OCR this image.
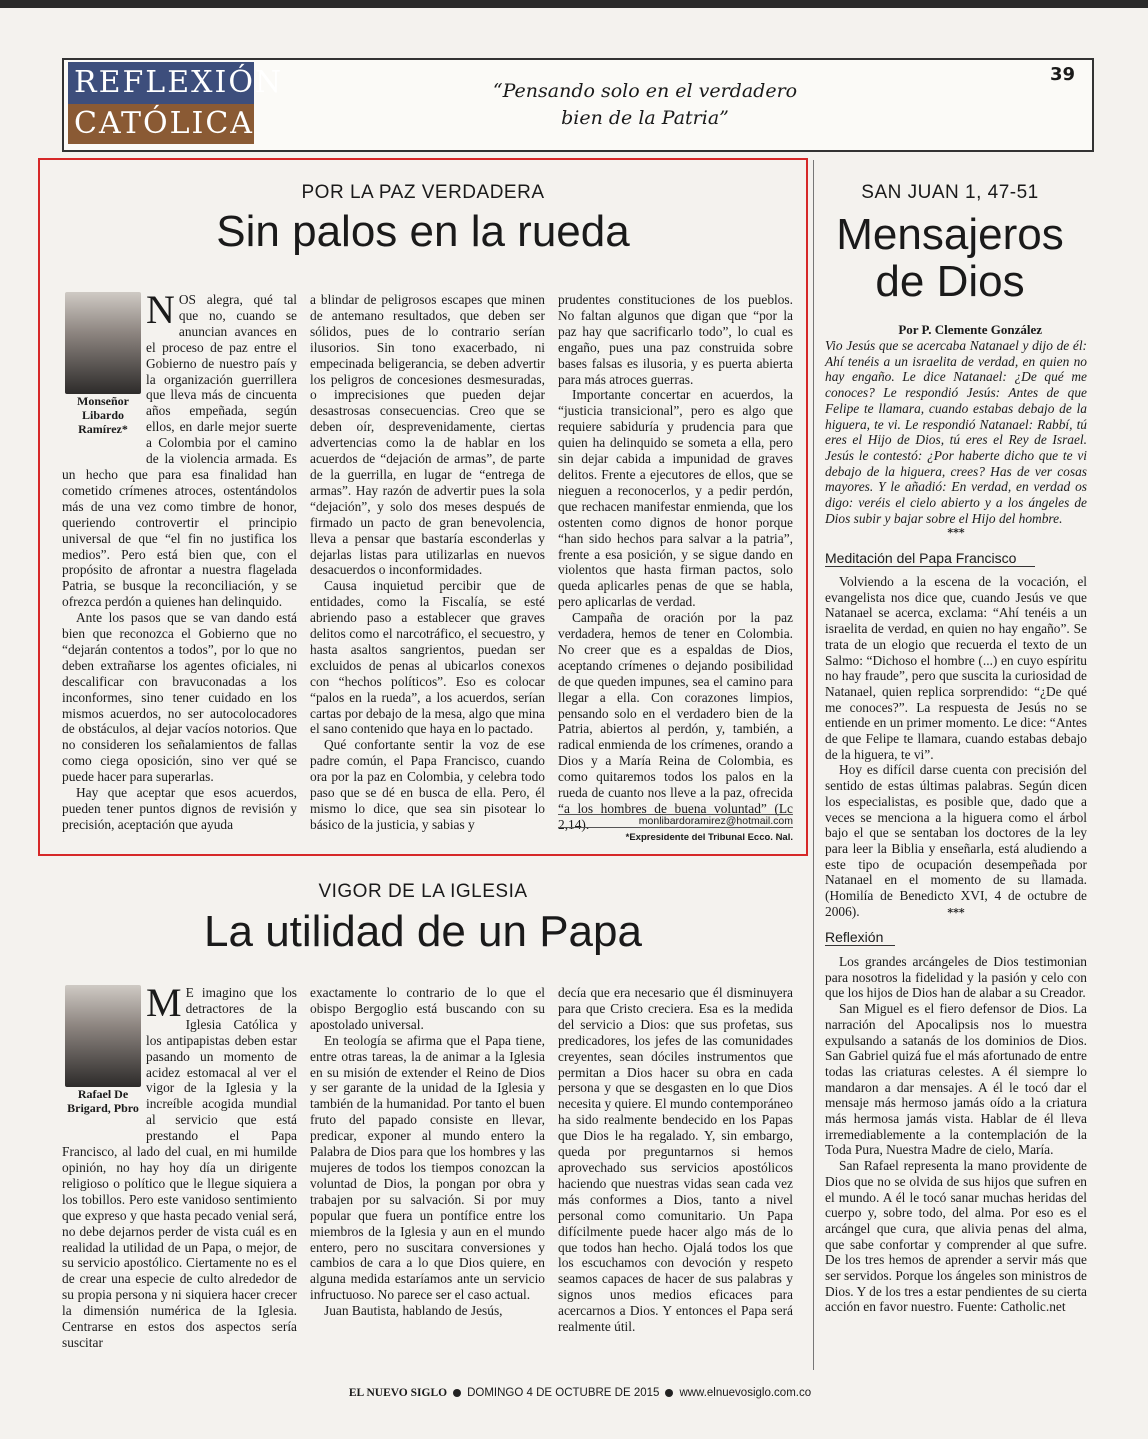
REFLEXIÓN
CATÓLICA
“Pensando solo en el verdadero bien de la Patria”
39
POR LA PAZ VERDADERA
Sin palos en la rueda
Monseñor Libardo Ramírez*
N OS alegra, qué tal que no, cuando se anuncian avances en el proceso de paz entre el Gobierno de nuestro país y la organización guerrillera que lleva más de cincuenta años empeñada, según ellos, en darle mejor suerte a Colombia por el camino de la violencia armada. Es un hecho que para esa finalidad han cometido crímenes atroces, ostentándolos más de una vez como timbre de honor, queriendo controvertir el principio universal de que “el fin no justifica los medios”. Pero está bien que, con el propósito de afrontar a nuestra flagelada Patria, se busque la reconciliación, y se ofrezca perdón a quienes han delinquido.

Ante los pasos que se van dando está bien que reconozca el Gobierno que no “dejarán contentos a todos”, por lo que no deben extrañarse los agentes oficiales, ni descalificar con bravuconadas a los inconformes, sino tener cuidado en los mismos acuerdos, no ser autocolocadores de obstáculos, al dejar vacíos notorios. Que no consideren los señalamientos de fallas como ciega oposición, sino ver qué se puede hacer para superarlas.

Hay que aceptar que esos acuerdos, pueden tener puntos dignos de revisión y precisión, aceptación que ayuda

a blindar de peligrosos escapes que minen de antemano resultados, que deben ser sólidos, pues de lo contrario serían ilusorios. Sin tono exacerbado, ni empecinada beligerancia, se deben advertir los peligros de concesiones desmesuradas, o imprecisiones que pueden dejar desastrosas consecuencias. Creo que se deben oír, desprevenidamente, ciertas advertencias como la de hablar en los acuerdos de “dejación de armas”, de parte de la guerrilla, en lugar de “entrega de armas”. Hay razón de advertir pues la sola “dejación”, y solo dos meses después de firmado un pacto de gran benevolencia, lleva a pensar que bastaría esconderlas y dejarlas listas para utilizarlas en nuevos desacuerdos o inconformidades.

Causa inquietud percibir que de entidades, como la Fiscalía, se esté abriendo paso a establecer que graves delitos como el narcotráfico, el secuestro, y hasta asaltos sangrientos, puedan ser excluidos de penas al ubicarlos conexos con “hechos políticos”. Eso es colocar “palos en la rueda”, a los acuerdos, serían cartas por debajo de la mesa, algo que mina el sano contenido que haya en lo pactado.

Qué confortante sentir la voz de ese padre común, el Papa Francisco, cuando ora por la paz en Colombia, y celebra todo paso que se dé en busca de ella. Pero, él mismo lo dice, que sea sin pisotear lo básico de la justicia, y sabias y

prudentes constituciones de los pueblos. No faltan algunos que digan que “por la paz hay que sacrificarlo todo”, lo cual es engaño, pues una paz construida sobre bases falsas es ilusoria, y es puerta abierta para más atroces guerras.

Importante concertar en acuerdos, la “justicia transicional”, pero es algo que requiere sabiduría y prudencia para que quien ha delinquido se someta a ella, pero sin dejar cabida a impunidad de graves delitos. Frente a ejecutores de ellos, que se nieguen a reconocerlos, y a pedir perdón, que rechacen manifestar enmienda, que los ostenten como dignos de honor porque “han sido hechos para salvar a la patria”, frente a esa posición, y se sigue dando en violentos que hasta firman pactos, solo queda aplicarles penas de que se habla, pero aplicarlas de verdad.

Campaña de oración por la paz verdadera, hemos de tener en Colombia. No creer que es a espaldas de Dios, aceptando crímenes o dejando posibilidad de que queden impunes, sea el camino para llegar a ella. Con corazones limpios, pensando solo en el verdadero bien de la Patria, abiertos al perdón, y, también, a radical enmienda de los crímenes, orando a Dios y a María Reina de Colombia, es como quitaremos todos los palos en la rueda de cuanto nos lleve a la paz, ofrecida “a los hombres de buena voluntad” (Lc 2,14).	monlibardoramirez@hotmail.com
*Expresidente del Tribunal Ecco. Nal.
VIGOR DE LA IGLESIA
La utilidad de un Papa
Rafael De Brigard, Pbro
M E imagino que los detractores de la Iglesia Católica y los antipapistas deben estar pasando un momento de acidez estomacal al ver el vigor de la Iglesia y la increíble acogida mundial al servicio que está prestando el Papa Francisco, al lado del cual, en mi humilde opinión, no hay hoy día un dirigente religioso o político que le llegue siquiera a los tobillos. Pero este vanidoso sentimiento que expreso y que hasta pecado venial será, no debe dejarnos perder de vista cuál es en realidad la utilidad de un Papa, o mejor, de su servicio apostólico. Ciertamente no es el de crear una especie de culto alrededor de su propia persona y ni siquiera hacer crecer la dimensión numérica de la Iglesia. Centrarse en estos dos aspectos sería suscitar

exactamente lo contrario de lo que el obispo Bergoglio está buscando con su apostolado universal.

En teología se afirma que el Papa tiene, entre otras tareas, la de animar a la Iglesia en su misión de extender el Reino de Dios y ser garante de la unidad de la Iglesia y también de la humanidad. Por tanto el buen fruto del papado consiste en llevar, predicar, exponer al mundo entero la Palabra de Dios para que los hombres y las mujeres de todos los tiempos conozcan la voluntad de Dios, la pongan por obra y trabajen por su salvación. Si por muy popular que fuera un pontífice entre los miembros de la Iglesia y aun en el mundo entero, pero no suscitara conversiones y cambios de cara a lo que Dios quiere, en alguna medida estaríamos ante un servicio infructuoso. No parece ser el caso actual.

Juan Bautista, hablando de Jesús,

decía que era necesario que él disminuyera para que Cristo creciera. Esa es la medida del servicio a Dios: que sus profetas, sus predicadores, los jefes de las comunidades creyentes, sean dóciles instrumentos que permitan a Dios hacer su obra en cada persona y que se desgasten en lo que Dios necesita y quiere. El mundo contemporáneo ha sido realmente bendecido en los Papas que Dios le ha regalado. Y, sin embargo, queda por preguntarnos si hemos aprovechado sus servicios apostólicos haciendo que nuestras vidas sean cada vez más conformes a Dios, tanto a nivel personal como comunitario. Un Papa difícilmente puede hacer algo más de lo que todos han hecho. Ojalá todos los que los escuchamos con devoción y respeto seamos capaces de hacer de sus palabras y signos unos medios eficaces para acercarnos a Dios. Y entonces el Papa será realmente útil.

SAN JUAN 1, 47-51
Mensajeros
de Dios
Por P. Clemente González
Vio Jesús que se acercaba Natanael y dijo de él: Ahí tenéis a un israelita de verdad, en quien no hay engaño. Le dice Natanael: ¿De qué me conoces? Le respondió Jesús: Antes de que Felipe te llamara, cuando estabas debajo de la higuera, te vi. Le respondió Natanael: Rabbí, tú eres el Hijo de Dios, tú eres el Rey de Israel. Jesús le contestó: ¿Por haberte dicho que te vi debajo de la higuera, crees? Has de ver cosas mayores. Y le añadió: En verdad, en verdad os digo: veréis el cielo abierto y a los ángeles de Dios subir y bajar sobre el Hijo del hombre.
***
Meditación del Papa Francisco

Volviendo a la escena de la vocación, el evangelista nos dice que, cuando Jesús ve que Natanael se acerca, exclama: “Ahí tenéis a un israelita de verdad, en quien no hay engaño”. Se trata de un elogio que recuerda el texto de un Salmo: “Dichoso el hombre (...) en cuyo espíritu no hay fraude”, pero que suscita la curiosidad de Natanael, quien replica sorprendido: “¿De qué me conoces?”. La respuesta de Jesús no se entiende en un primer momento. Le dice: “Antes de que Felipe te llamara, cuando estabas debajo de la higuera, te vi”.

Hoy es difícil darse cuenta con precisión del sentido de estas últimas palabras. Según dicen los especialistas, es posible que, dado que a veces se menciona a la higuera como el árbol bajo el que se sentaban los doctores de la ley para leer la Biblia y enseñarla, está aludiendo a este tipo de ocupación desempeñada por Natanael en el momento de su llamada. (Homilía de Benedicto XVI, 4 de octubre de 2006).	***
Reflexión

Los grandes arcángeles de Dios testimonian para nosotros la fidelidad y la pasión y celo con que los hijos de Dios han de alabar a su Creador.

San Miguel es el fiero defensor de Dios. La narración del Apocalipsis nos lo muestra expulsando a satanás de los dominios de Dios. San Gabriel quizá fue el más afortunado de entre todas las criaturas celestes. A él siempre lo mandaron a dar mensajes. A él le tocó dar el mensaje más hermoso jamás oído a la criatura más hermosa jamás vista. Hablar de él lleva irremediablemente a la contemplación de la Toda Pura, Nuestra Madre de cielo, María.

San Rafael representa la mano providente de Dios que no se olvida de sus hijos que sufren en el mundo. A él le tocó sanar muchas heridas del cuerpo y, sobre todo, del alma. Por eso es el arcángel que cura, que alivia penas del alma, que sabe confortar y comprender al que sufre. De los tres hemos de aprender a servir más que ser servidos. Porque los ángeles son ministros de Dios. Y de los tres a estar pendientes de su cierta acción en favor nuestro. Fuente: Catholic.net

EL NUEVO SIGLO DOMINGO 4 DE OCTUBRE DE 2015 www.elnuevosiglo.com.co
